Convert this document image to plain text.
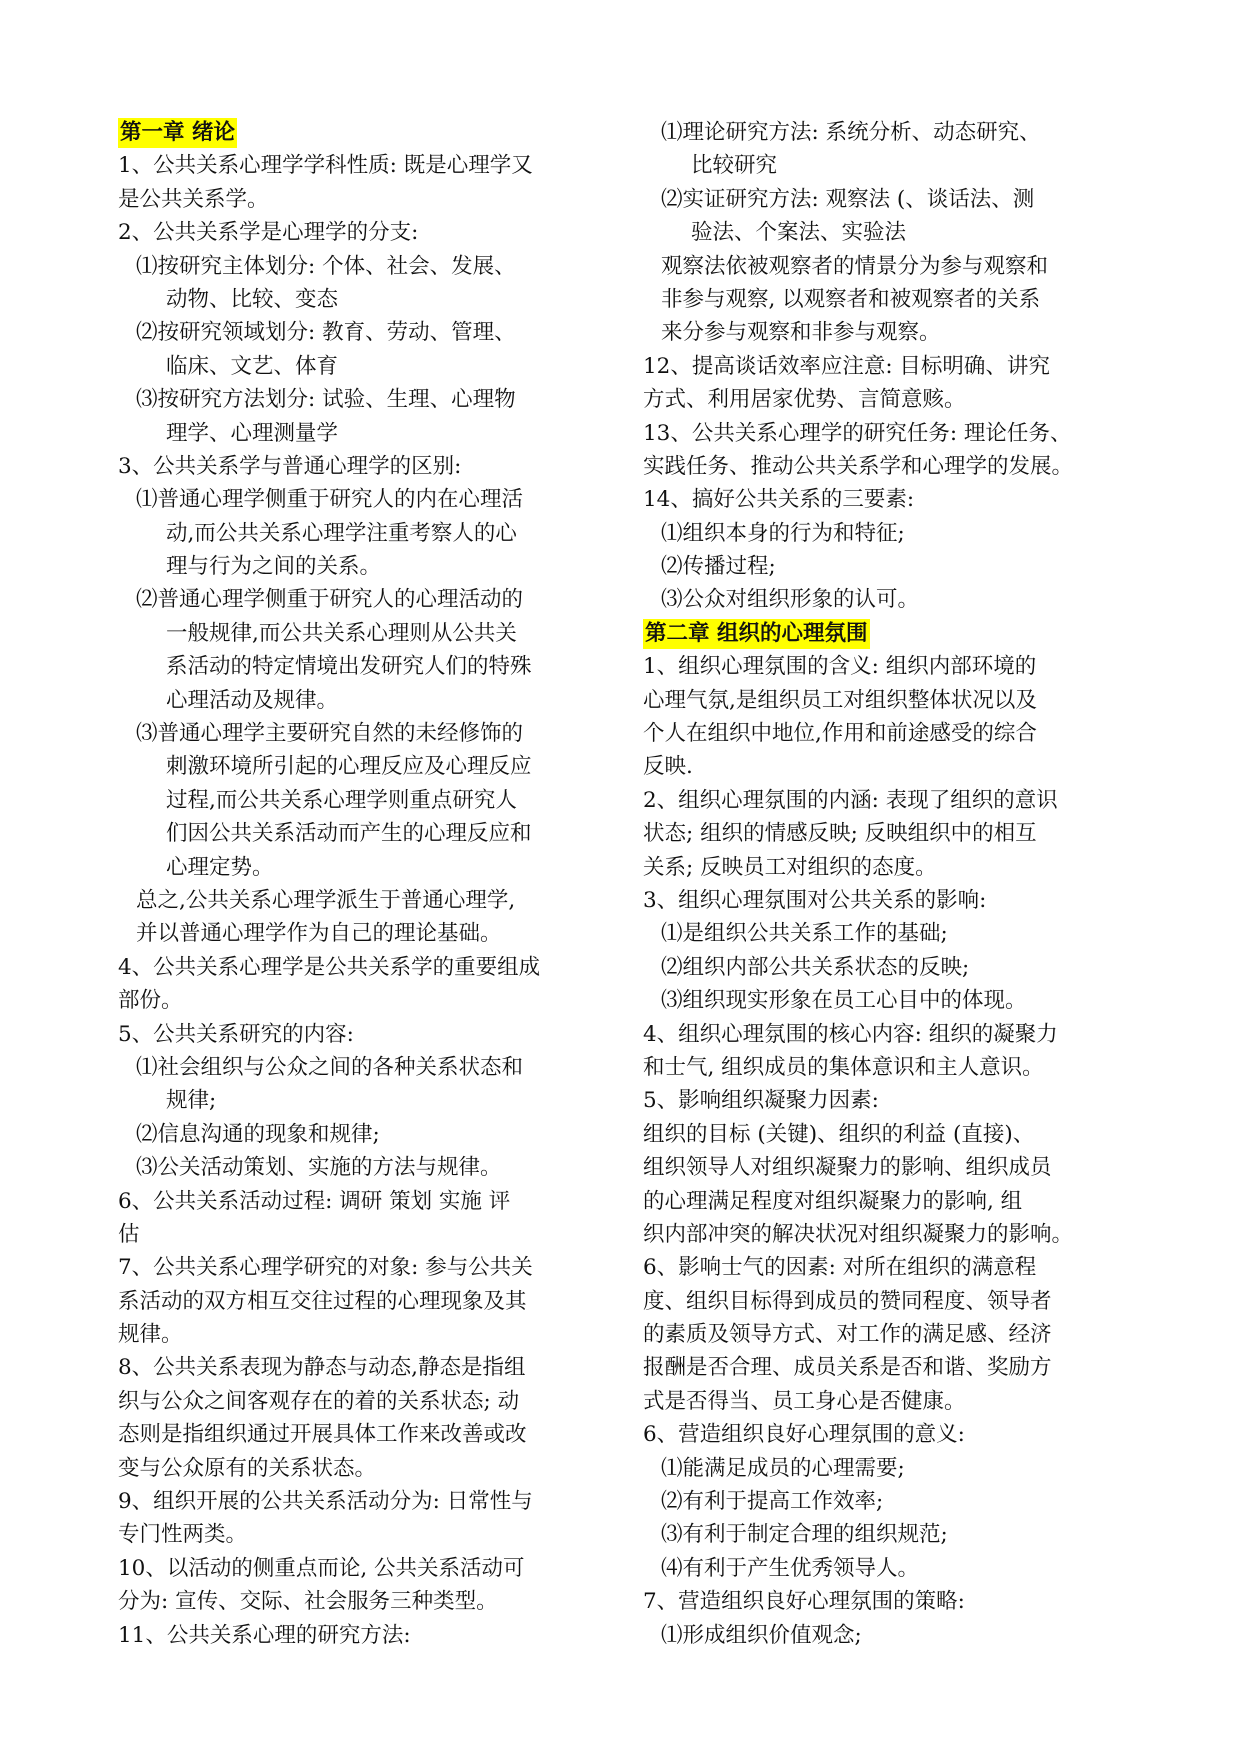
第一章 绪论
1、公共关系心理学学科性质: 既是心理学又
是公共关系学。
2、公共关系学是心理学的分支:
⑴按研究主体划分: 个体、社会、发展、
动物、比较、变态
⑵按研究领域划分: 教育、劳动、管理、
临床、文艺、体育
⑶按研究方法划分: 试验、生理、心理物
理学、心理测量学
3、公共关系学与普通心理学的区别:
⑴普通心理学侧重于研究人的内在心理活
动,而公共关系心理学注重考察人的心
理与行为之间的关系。
⑵普通心理学侧重于研究人的心理活动的
一般规律,而公共关系心理则从公共关
系活动的特定情境出发研究人们的特殊
心理活动及规律。
⑶普通心理学主要研究自然的未经修饰的
刺激环境所引起的心理反应及心理反应
过程,而公共关系心理学则重点研究人
们因公共关系活动而产生的心理反应和
心理定势。
总之,公共关系心理学派生于普通心理学,
并以普通心理学作为自己的理论基础。
4、公共关系心理学是公共关系学的重要组成
部份。
5、公共关系研究的内容:
⑴社会组织与公众之间的各种关系状态和
规律;
⑵信息沟通的现象和规律;
⑶公关活动策划、实施的方法与规律。
6、公共关系活动过程: 调研 策划 实施 评
估
7、公共关系心理学研究的对象: 参与公共关
系活动的双方相互交往过程的心理现象及其
规律。
8、公共关系表现为静态与动态,静态是指组
织与公众之间客观存在的着的关系状态; 动
态则是指组织通过开展具体工作来改善或改
变与公众原有的关系状态。
9、组织开展的公共关系活动分为: 日常性与
专门性两类。
10、以活动的侧重点而论, 公共关系活动可
分为: 宣传、交际、社会服务三种类型。
11、公共关系心理的研究方法:
⑴理论研究方法: 系统分析、动态研究、
比较研究
⑵实证研究方法: 观察法 (、谈话法、测
验法、个案法、实验法
观察法依被观察者的情景分为参与观察和
非参与观察, 以观察者和被观察者的关系
来分参与观察和非参与观察。
12、提高谈话效率应注意: 目标明确、讲究
方式、利用居家优势、言简意赅。
13、公共关系心理学的研究任务: 理论任务、
实践任务、推动公共关系学和心理学的发展。
14、搞好公共关系的三要素:
⑴组织本身的行为和特征;
⑵传播过程;
⑶公众对组织形象的认可。
第二章 组织的心理氛围
1、组织心理氛围的含义: 组织内部环境的
心理气氛,是组织员工对组织整体状况以及
个人在组织中地位,作用和前途感受的综合
反映.
2、组织心理氛围的内涵: 表现了组织的意识
状态; 组织的情感反映; 反映组织中的相互
关系; 反映员工对组织的态度。
3、组织心理氛围对公共关系的影响:
⑴是组织公共关系工作的基础;
⑵组织内部公共关系状态的反映;
⑶组织现实形象在员工心目中的体现。
4、组织心理氛围的核心内容: 组织的凝聚力
和士气, 组织成员的集体意识和主人意识。
5、影响组织凝聚力因素:
组织的目标 (关键)、组织的利益 (直接)、
组织领导人对组织凝聚力的影响、组织成员
的心理满足程度对组织凝聚力的影响, 组
织内部冲突的解决状况对组织凝聚力的影响。
6、影响士气的因素: 对所在组织的满意程
度、组织目标得到成员的赞同程度、领导者
的素质及领导方式、对工作的满足感、经济
报酬是否合理、成员关系是否和谐、奖励方
式是否得当、员工身心是否健康。
6、营造组织良好心理氛围的意义:
⑴能满足成员的心理需要;
⑵有利于提高工作效率;
⑶有利于制定合理的组织规范;
⑷有利于产生优秀领导人。
7、营造组织良好心理氛围的策略:
⑴形成组织价值观念;
